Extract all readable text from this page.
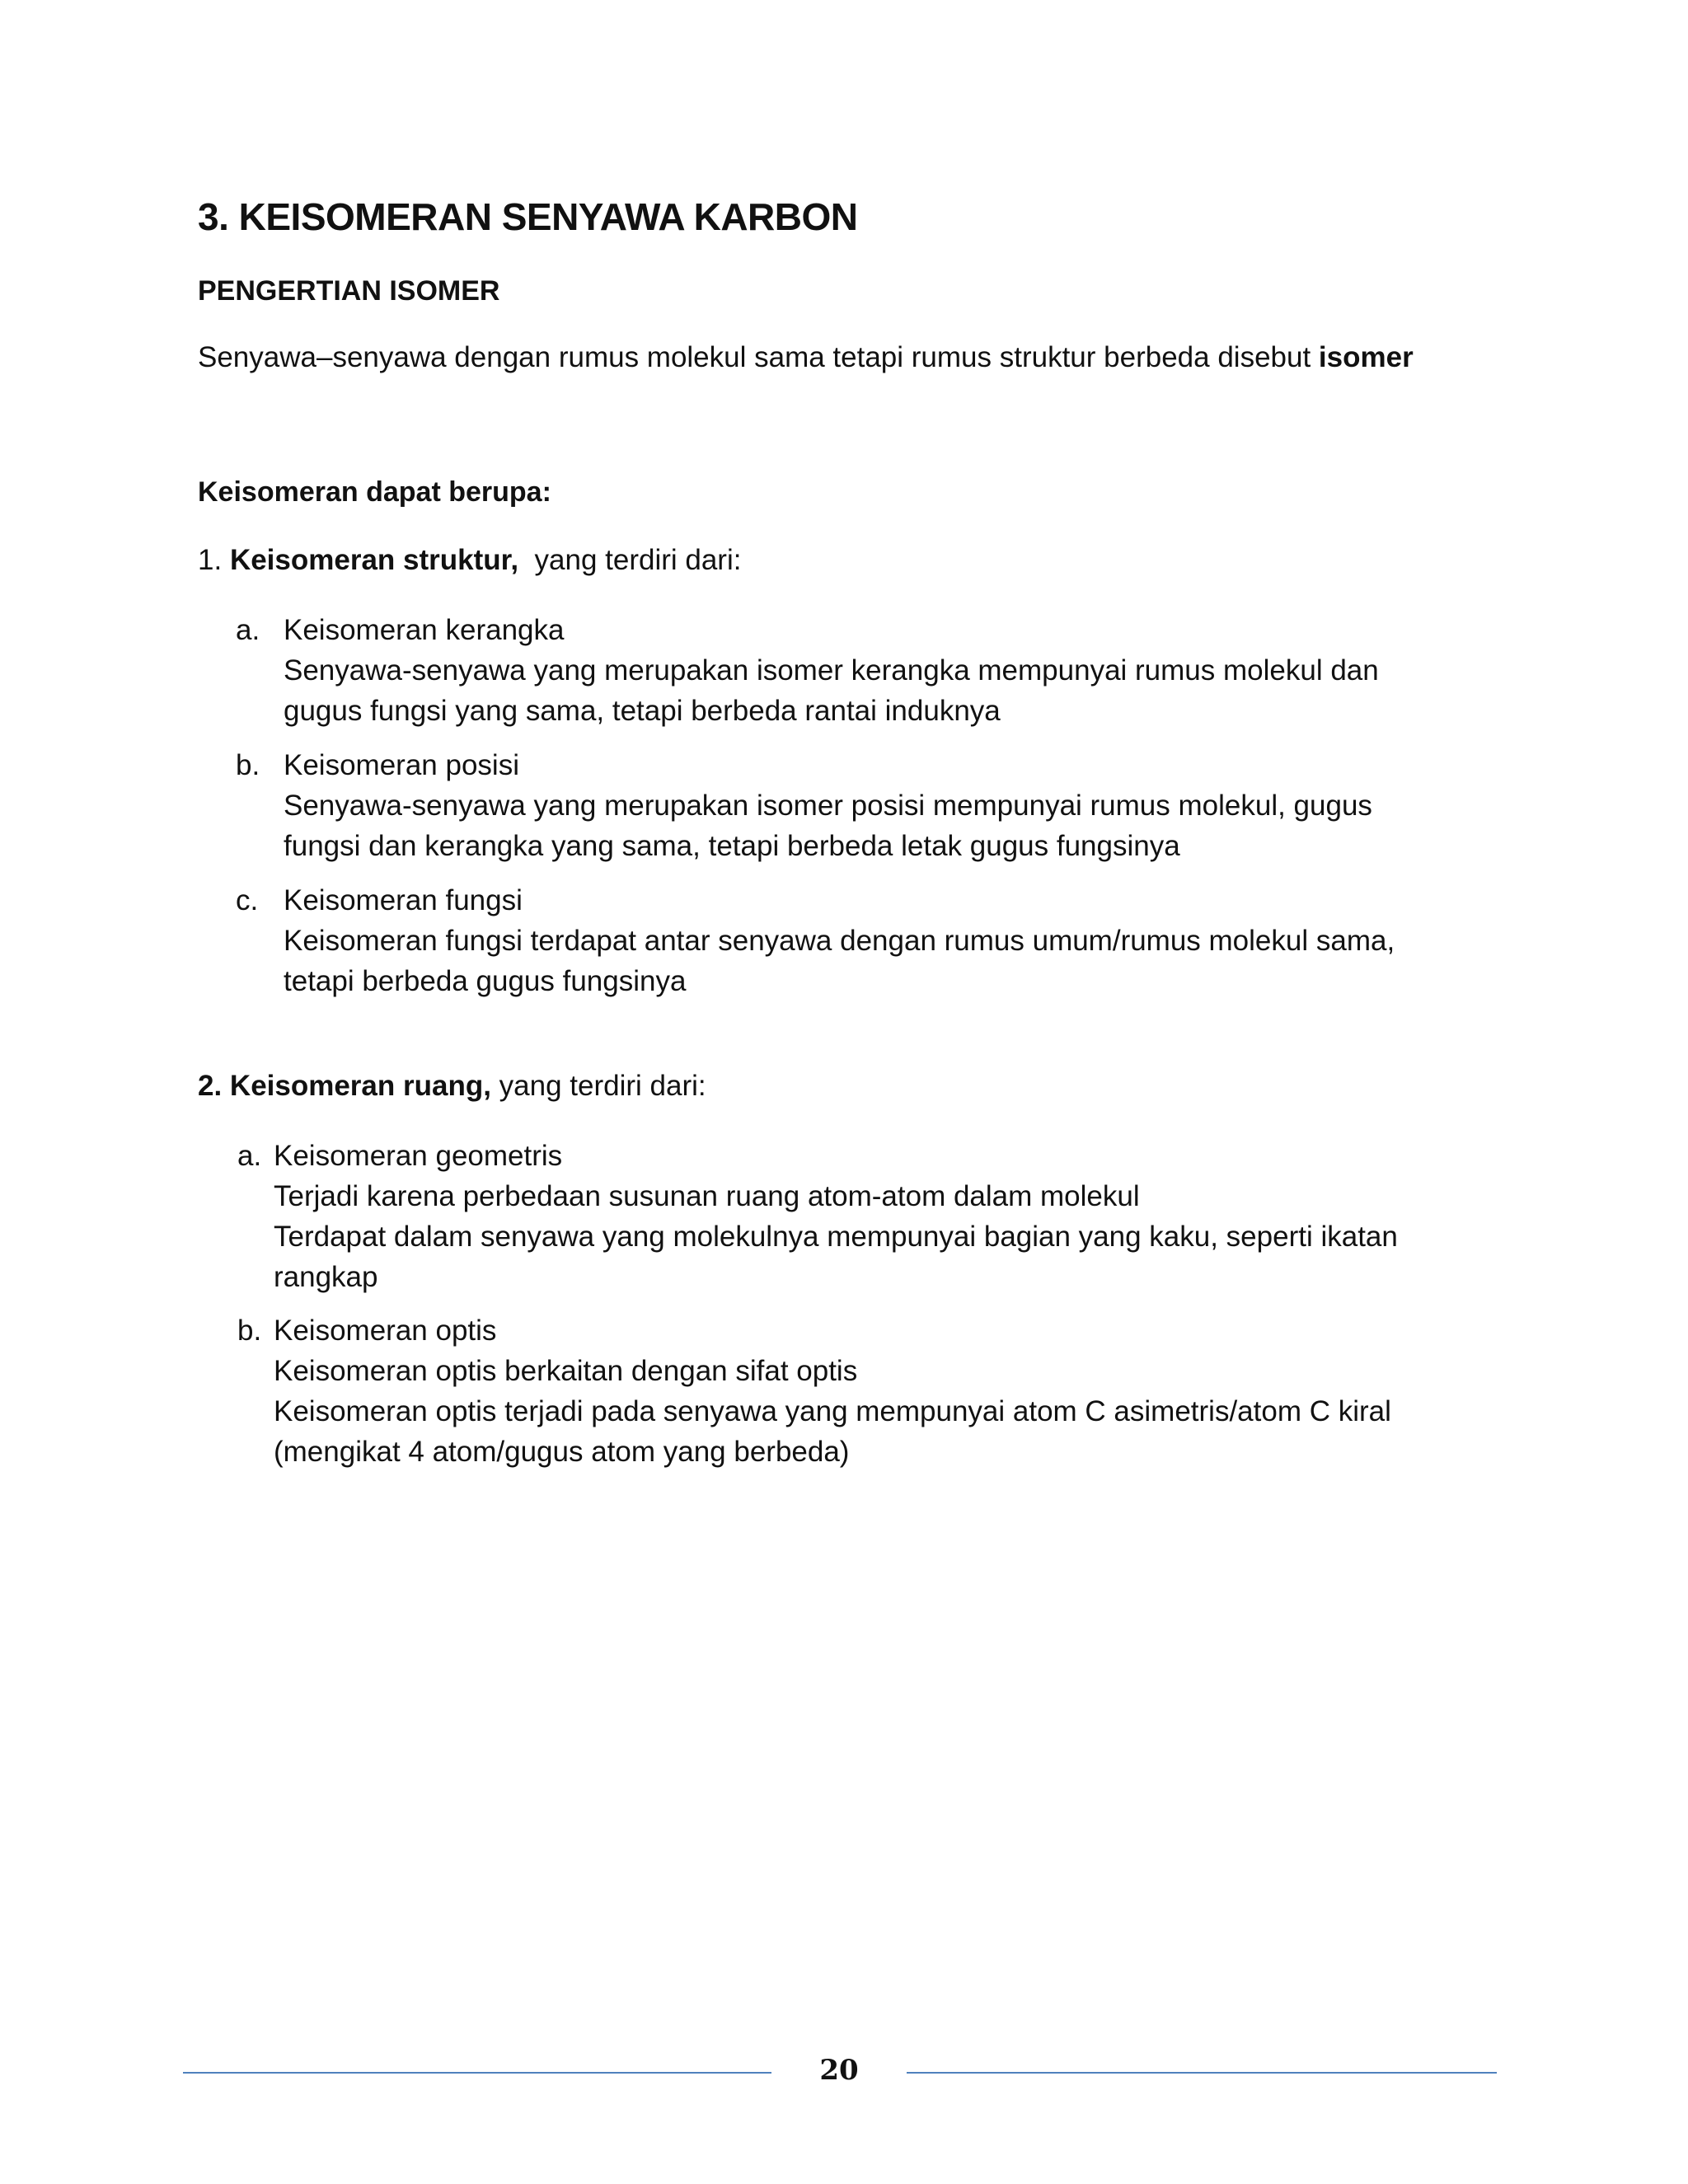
3. KEISOMERAN SENYAWA KARBON
PENGERTIAN ISOMER

Senyawa–senyawa dengan rumus molekul sama tetapi rumus struktur berbeda disebut isomer

Keisomeran dapat berupa:

1. Keisomeran struktur,  yang terdiri dari:

a. Keisomeran kerangka
Senyawa-senyawa yang merupakan isomer kerangka mempunyai rumus molekul dan
gugus fungsi yang sama, tetapi berbeda rantai induknya
b. Keisomeran posisi
Senyawa-senyawa yang merupakan isomer posisi mempunyai rumus molekul, gugus
fungsi dan kerangka yang sama, tetapi berbeda letak gugus fungsinya
c. Keisomeran fungsi
Keisomeran fungsi terdapat antar senyawa dengan rumus umum/rumus molekul sama,
tetapi berbeda gugus fungsinya

2. Keisomeran ruang, yang terdiri dari:

a. Keisomeran geometris
Terjadi karena perbedaan susunan ruang atom-atom dalam molekul
Terdapat dalam senyawa yang molekulnya mempunyai bagian yang kaku, seperti ikatan
rangkap
b. Keisomeran optis
Keisomeran optis berkaitan dengan sifat optis
Keisomeran optis terjadi pada senyawa yang mempunyai atom C asimetris/atom C kiral
(mengikat 4 atom/gugus atom yang berbeda)
20
